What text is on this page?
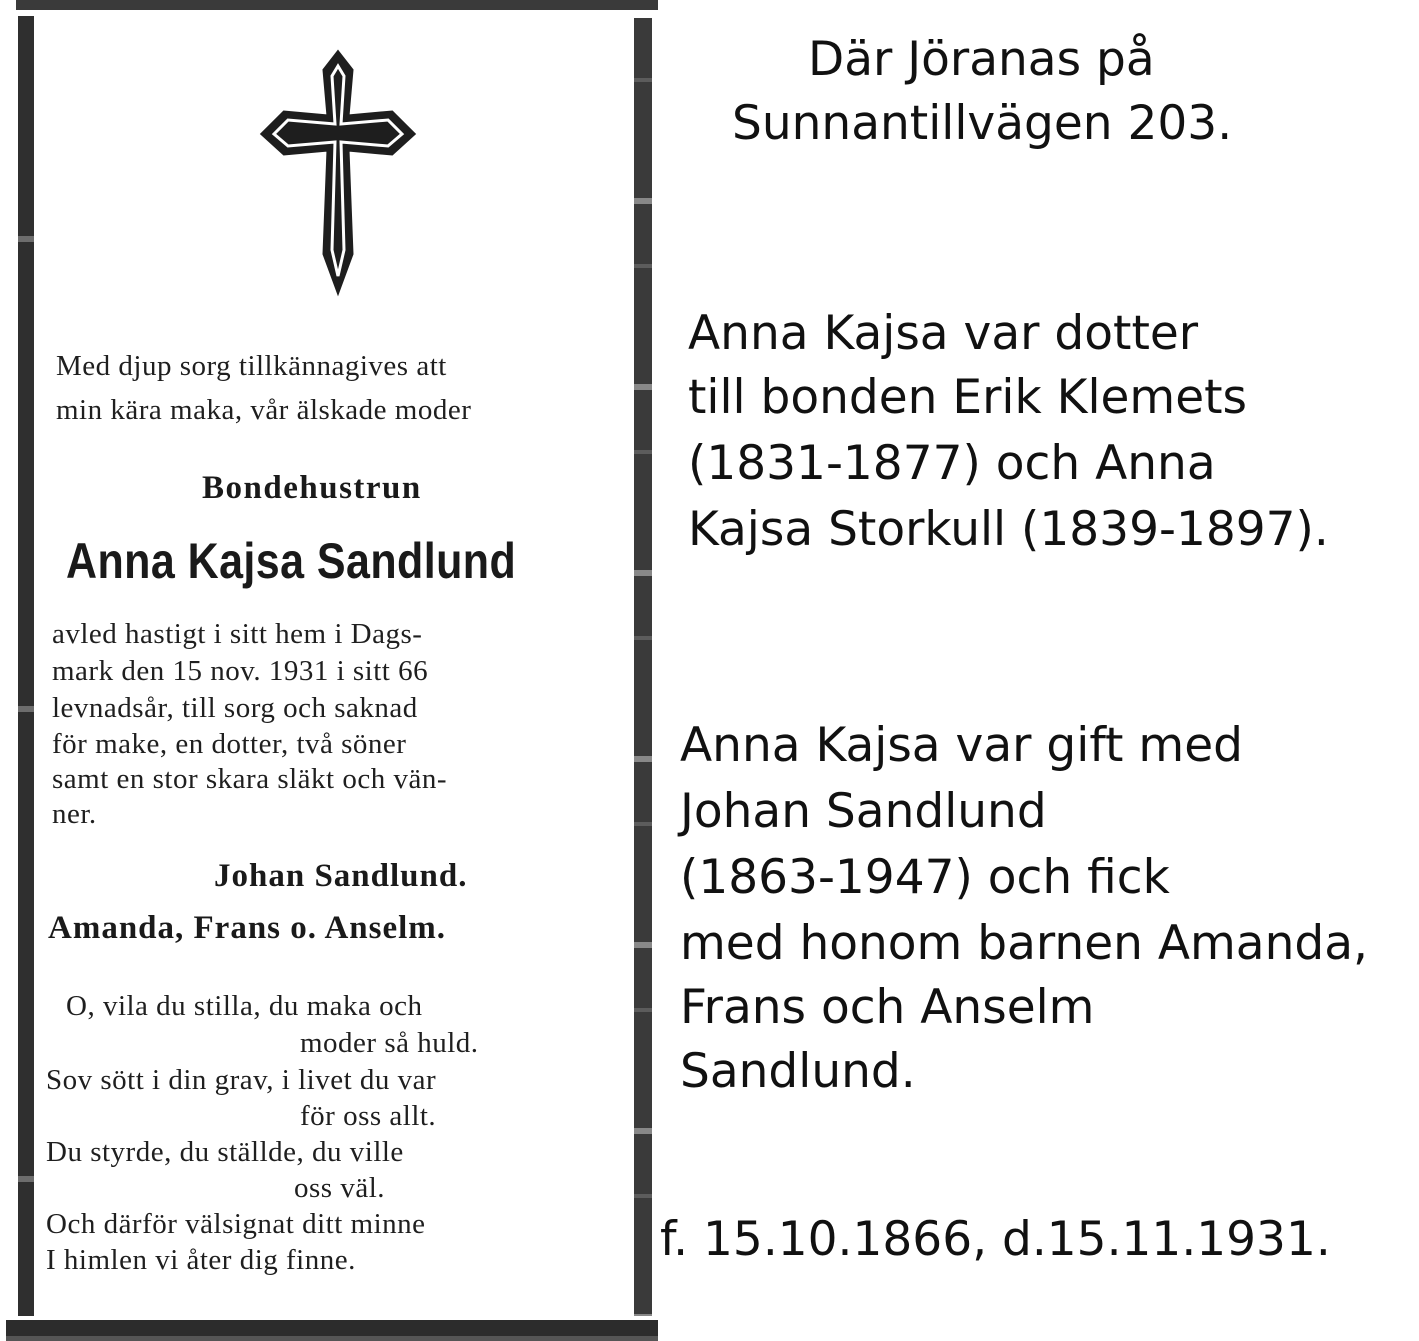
Med djup sorg tillkännagives att
min kära maka, vår älskade moder
Bondehustrun
Anna Kajsa Sandlund
avled hastigt i sitt hem i Dags-
mark den 15 nov. 1931 i sitt 66
levnadsår, till sorg och saknad
för make, en dotter, två söner
samt en stor skara släkt och vän-
ner.
Johan Sandlund.
Amanda, Frans o. Anselm.
O, vila du stilla, du maka och
moder så huld.
Sov sött i din grav, i livet du var
för oss allt.
Du styrde, du ställde, du ville
oss väl.
Och därför välsignat ditt minne
I himlen vi åter dig finne.
Där Jöranas på
Sunnantillvägen 203.
Anna Kajsa var dotter
till bonden Erik Klemets
(1831-1877) och Anna
Kajsa Storkull (1839-1897).
Anna Kajsa var gift med
Johan Sandlund
(1863-1947) och fick
med honom barnen Amanda,
Frans och Anselm
Sandlund.
f. 15.10.1866, d.15.11.1931.
